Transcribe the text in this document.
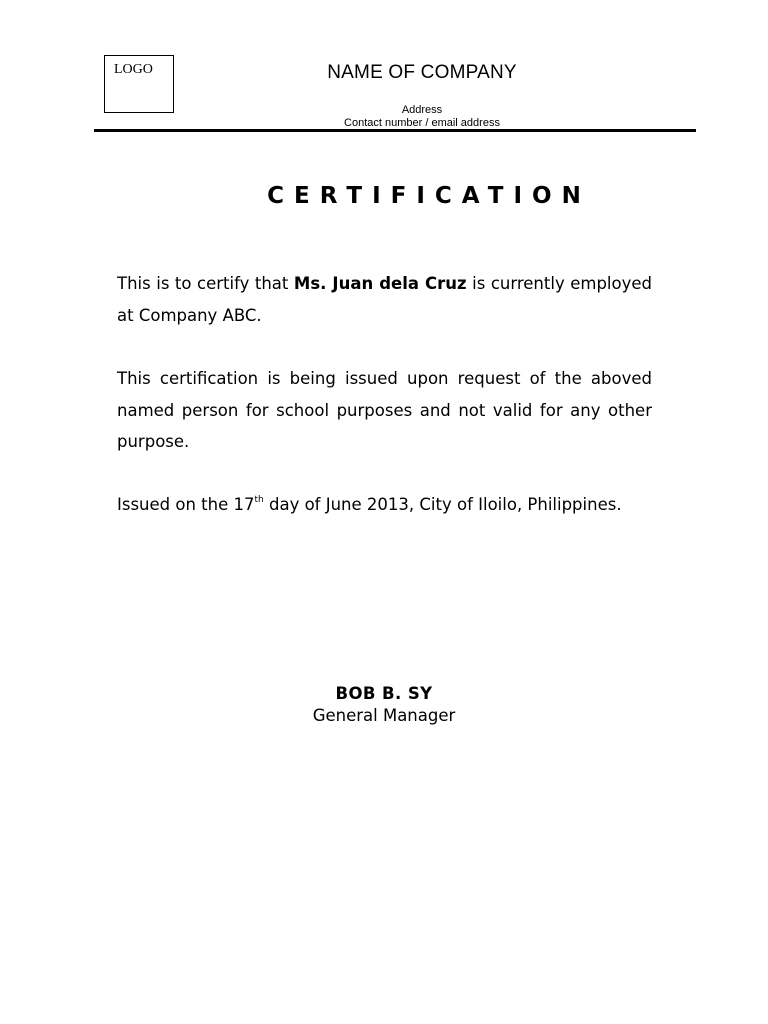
LOGO	NAME OF COMPANY
Address
Contact number / email address
CERTIFICATION
This is to certify that Ms. Juan dela Cruz is currently employed at Company ABC.
This certification is being issued upon request of the aboved named person for school purposes and not valid for any other purpose.
Issued on the 17th day of June 2013, City of Iloilo, Philippines.
BOB B. SY
General Manager
